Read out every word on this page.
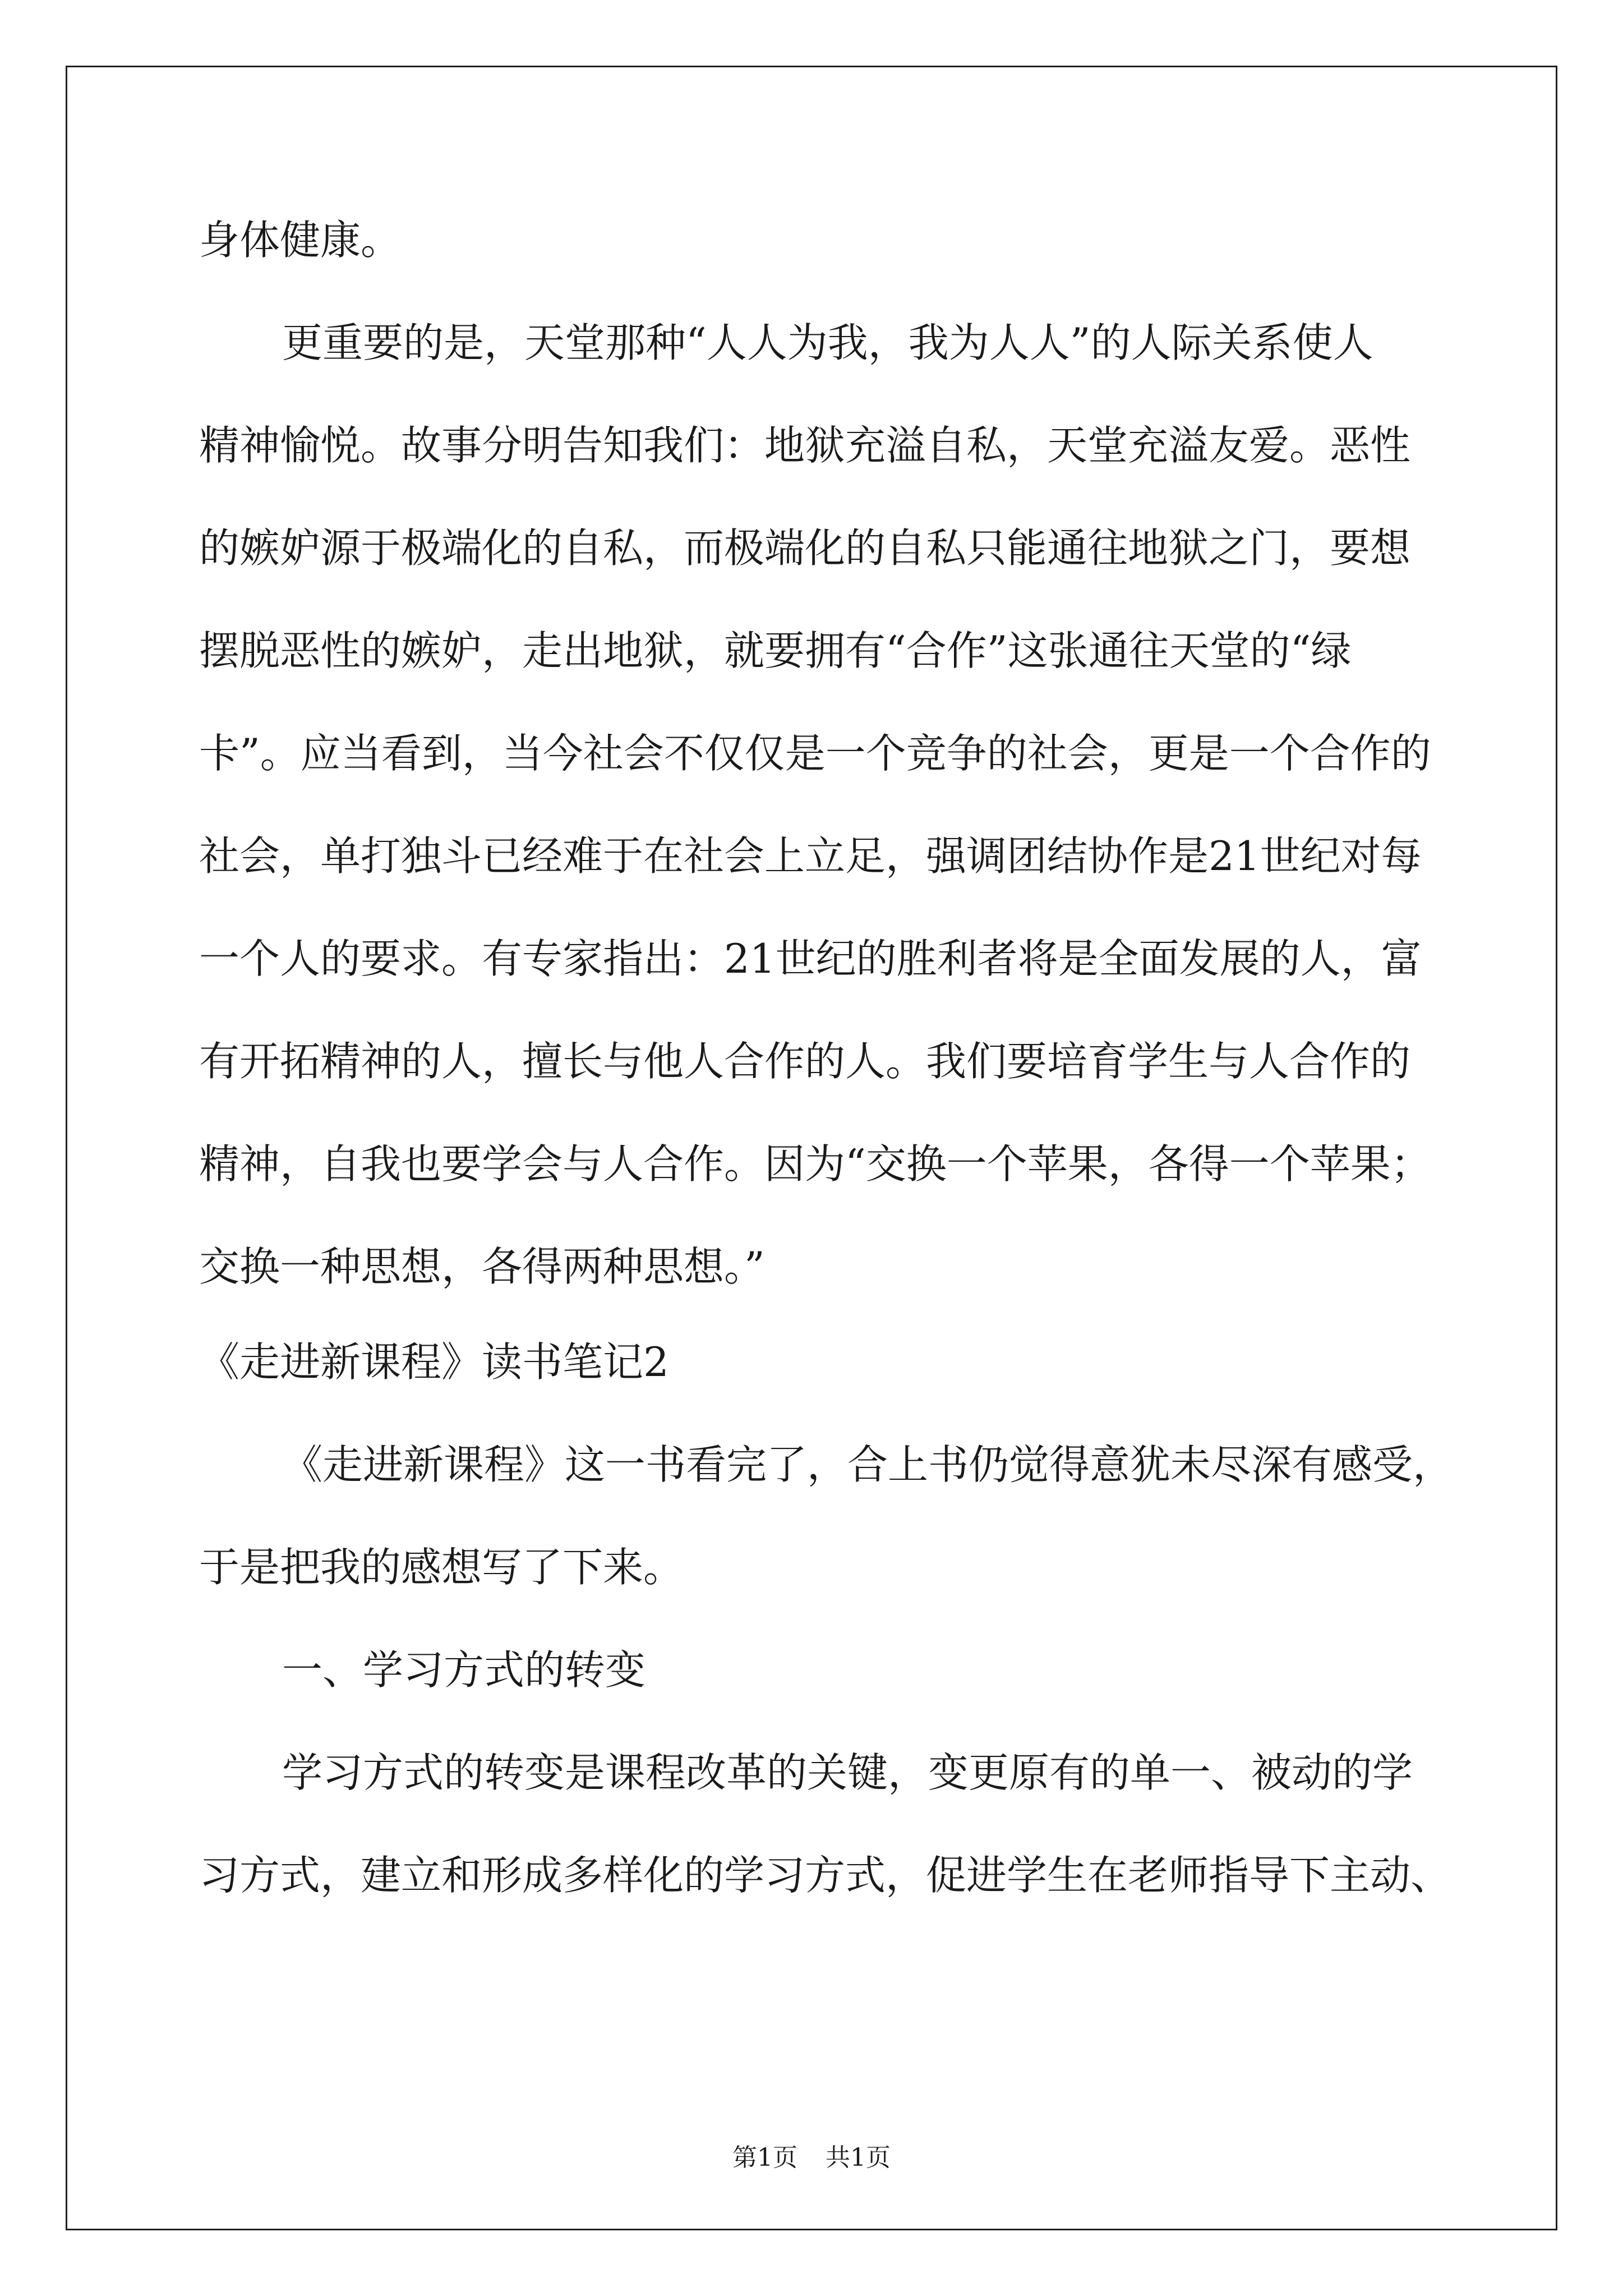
身体健康。
更重要的是，天堂那种“人人为我，我为人人”的人际关系使人
精神愉悦。故事分明告知我们：地狱充溢自私，天堂充溢友爱。恶性
的嫉妒源于极端化的自私，而极端化的自私只能通往地狱之门，要想
摆脱恶性的嫉妒，走出地狱，就要拥有“合作”这张通往天堂的“绿
卡”。应当看到，当今社会不仅仅是一个竞争的社会，更是一个合作的
社会，单打独斗已经难于在社会上立足，强调团结协作是21世纪对每
一个人的要求。有专家指出：21世纪的胜利者将是全面发展的人，富
有开拓精神的人，擅长与他人合作的人。我们要培育学生与人合作的
精神，自我也要学会与人合作。因为“交换一个苹果，各得一个苹果；
交换一种思想，各得两种思想。”
《走进新课程》读书笔记2
《走进新课程》这一书看完了，合上书仍觉得意犹未尽深有感受，
于是把我的感想写了下来。
一、学习方式的转变
学习方式的转变是课程改革的关键，变更原有的单一、被动的学
习方式，建立和形成多样化的学习方式，促进学生在老师指导下主动、
第1页 共1页
